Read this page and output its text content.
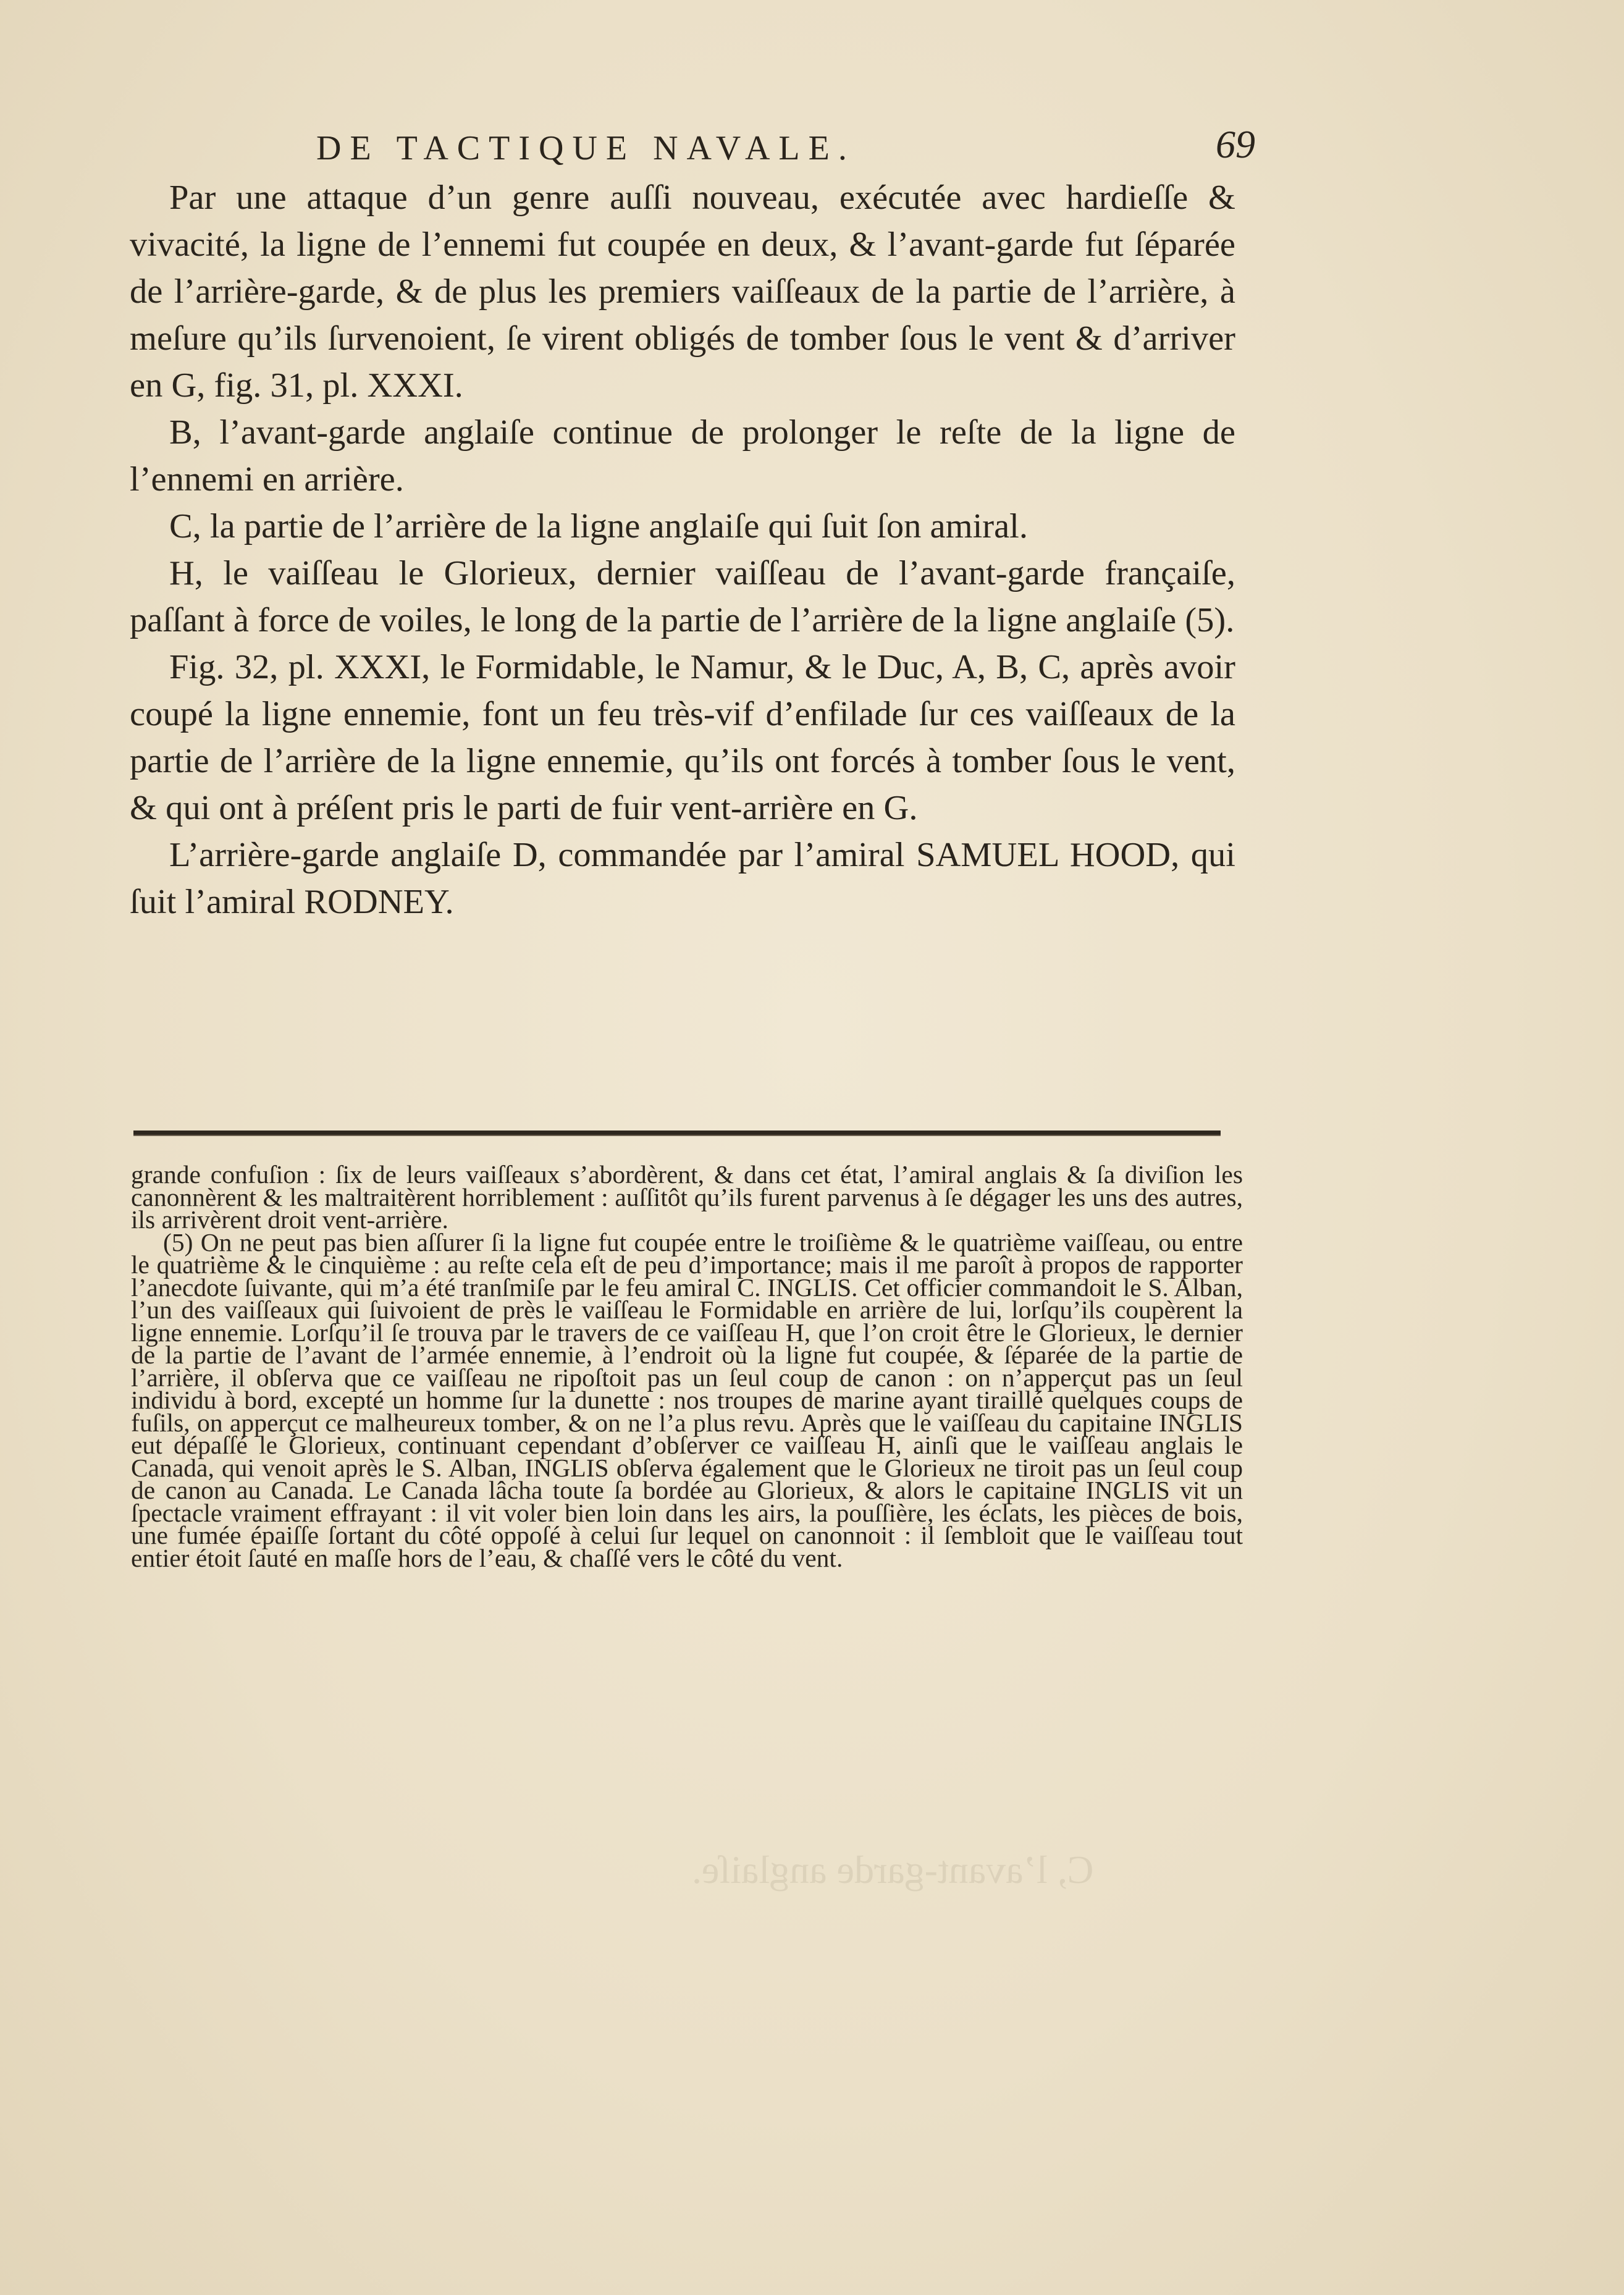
DE TACTIQUE NAVALE.	69

Par une attaque d’un genre auſſi nouveau, exécutée avec hardieſſe & vivacité, la ligne de l’ennemi fut coupée en deux, & l’avant-garde fut ſéparée de l’arrière-garde, & de plus les premiers vaiſſeaux de la partie de l’arrière, à meſure qu’ils ſurvenoient, ſe virent obligés de tomber ſous le vent & d’arriver en G, fig. 31, pl. XXXI.

B, l’avant-garde anglaiſe continue de prolonger le reſte de la ligne de l’ennemi en arrière.

C, la partie de l’arrière de la ligne anglaiſe qui ſuit ſon amiral.

H, le vaiſſeau le Glorieux, dernier vaiſſeau de l’avant-garde françaiſe, paſſant à force de voiles, le long de la partie de l’arrière de la ligne anglaiſe (5).

Fig. 32, pl. XXXI, le Formidable, le Namur, & le Duc, A, B, C, après avoir coupé la ligne ennemie, font un feu très-vif d’enfilade ſur ces vaiſſeaux de la partie de l’arrière de la ligne ennemie, qu’ils ont forcés à tomber ſous le vent, & qui ont à préſent pris le parti de fuir vent-arrière en G.

L’arrière-garde anglaiſe D, commandée par l’amiral SAMUEL HOOD, qui ſuit l’amiral RODNEY.

grande confuſion : ſix de leurs vaiſſeaux s’abordèrent, & dans cet état, l’amiral anglais & ſa diviſion les canonnèrent & les maltraitèrent horriblement : auſſitôt qu’ils furent parvenus à ſe dégager les uns des autres, ils arrivèrent droit vent-arrière.

(5) On ne peut pas bien aſſurer ſi la ligne fut coupée entre le troiſième & le quatrième vaiſſeau, ou entre le quatrième & le cinquième : au reſte cela eſt de peu d’importance; mais il me paroît à propos de rapporter l’anecdote ſuivante, qui m’a été tranſmiſe par le feu amiral C. INGLIS. Cet officier commandoit le S. Alban, l’un des vaiſſeaux qui ſuivoient de près le vaiſſeau le Formidable en arrière de lui, lorſqu’ils coupèrent la ligne ennemie. Lorſqu’il ſe trouva par le travers de ce vaiſſeau H, que l’on croit être le Glorieux, le dernier de la partie de l’avant de l’armée ennemie, à l’endroit où la ligne fut coupée, & ſéparée de la partie de l’arrière, il obſerva que ce vaiſſeau ne ripoſtoit pas un ſeul coup de canon : on n’apperçut pas un ſeul individu à bord, excepté un homme ſur la dunette : nos troupes de marine ayant tiraillé quelques coups de fuſils, on apperçut ce malheureux tomber, & on ne l’a plus revu. Après que le vaiſſeau du capitaine INGLIS eut dépaſſé le Glorieux, continuant cependant d’obſerver ce vaiſſeau H, ainſi que le vaiſſeau anglais le Canada, qui venoit après le S. Alban, INGLIS obſerva également que le Glorieux ne tiroit pas un ſeul coup de canon au Canada. Le Canada lâcha toute ſa bordée au Glorieux, & alors le capitaine INGLIS vit un ſpectacle vraiment effrayant : il vit voler bien loin dans les airs, la pouſſière, les éclats, les pièces de bois, une fumée épaiſſe ſortant du côté oppoſé à celui ſur lequel on canonnoit : il ſembloit que le vaiſſeau tout entier étoit ſauté en maſſe hors de l’eau, & chaſſé vers le côté du vent.

C, l’avant-garde anglaiſe.
